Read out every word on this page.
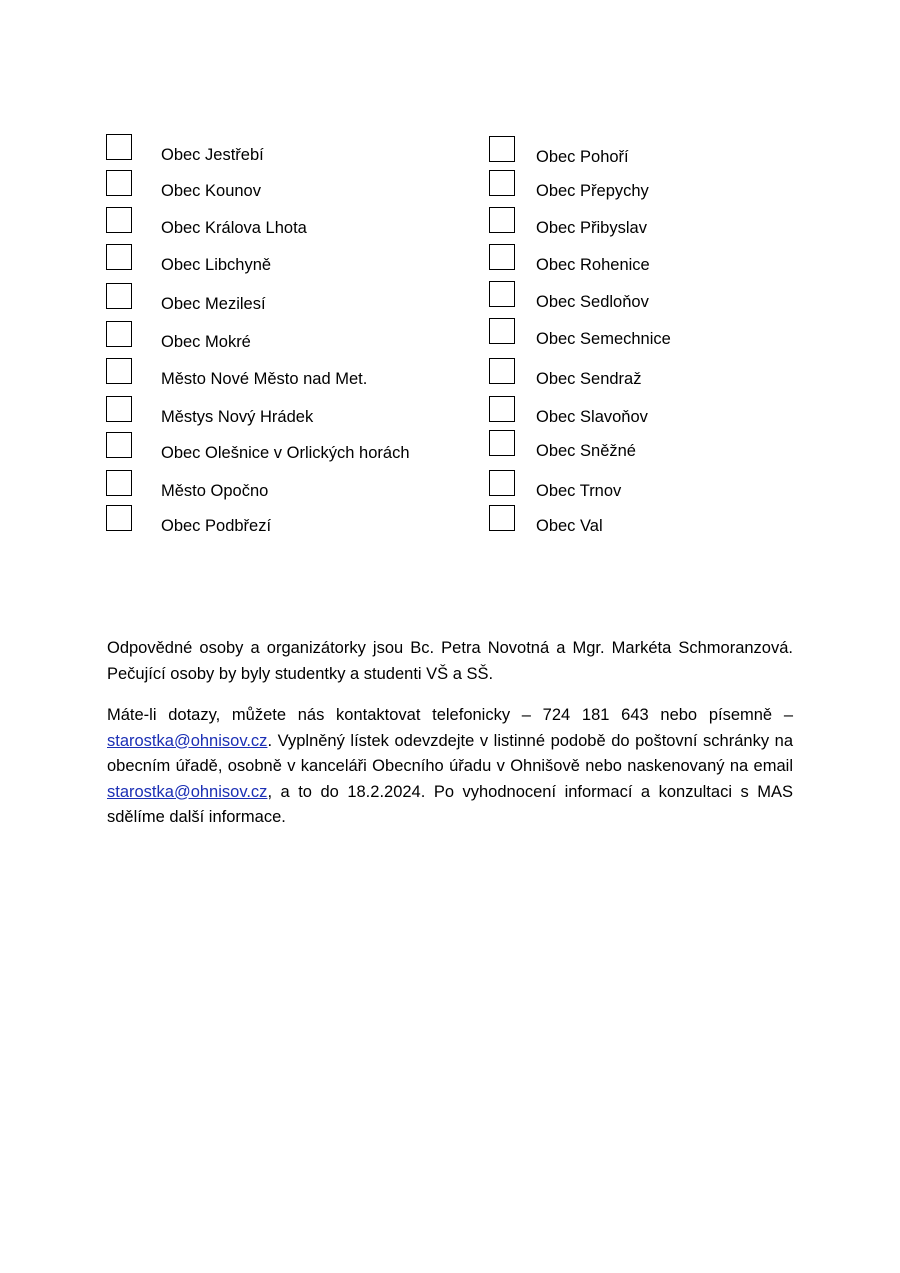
Obec Jestřebí
Obec Kounov
Obec Králova Lhota
Obec Libchyně
Obec Mezilesí
Obec Mokré
Město Nové Město nad Met.
Městys Nový Hrádek
Obec Olešnice v Orlických horách
Město Opočno
Obec Podbřezí
Obec Pohoří
Obec Přepychy
Obec Přibyslav
Obec Rohenice
Obec Sedloňov
Obec Semechnice
Obec Sendraž
Obec Slavoňov
Obec Sněžné
Obec Trnov
Obec Val

Odpovědné osoby a organizátorky jsou Bc. Petra Novotná a Mgr. Markéta Schmoranzová.
Pečující osoby by byly studentky a studenti VŠ a SŠ.

Máte-li dotazy, můžete nás kontaktovat telefonicky – 724 181 643 nebo písemně – starostka@ohnisov.cz. Vyplněný lístek odevzdejte v listinné podobě do poštovní schránky na obecním úřadě, osobně v kanceláři Obecního úřadu v Ohnišově nebo naskenovaný na email starostka@ohnisov.cz, a to do 18.2.2024. Po vyhodnocení informací a konzultaci s MAS sdělíme další informace.
